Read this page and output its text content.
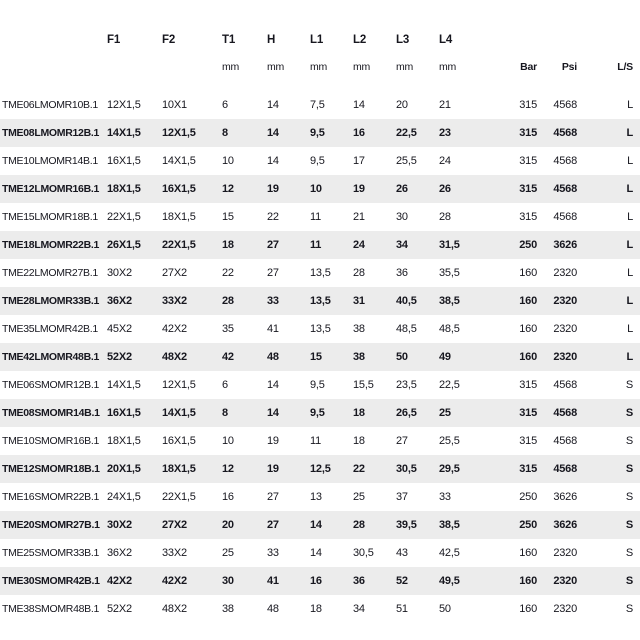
	F1	F2	T1	H	L1	L2	L3	L4			
			mm	mm	mm	mm	mm	mm	Bar	Psi	L/S
TME06LMOMR10B.1	12X1,5	10X1	6	14	7,5	14	20	21	315	4568	L
TME08LMOMR12B.1	14X1,5	12X1,5	8	14	9,5	16	22,5	23	315	4568	L
TME10LMOMR14B.1	16X1,5	14X1,5	10	14	9,5	17	25,5	24	315	4568	L
TME12LMOMR16B.1	18X1,5	16X1,5	12	19	10	19	26	26	315	4568	L
TME15LMOMR18B.1	22X1,5	18X1,5	15	22	11	21	30	28	315	4568	L
TME18LMOMR22B.1	26X1,5	22X1,5	18	27	11	24	34	31,5	250	3626	L
TME22LMOMR27B.1	30X2	27X2	22	27	13,5	28	36	35,5	160	2320	L
TME28LMOMR33B.1	36X2	33X2	28	33	13,5	31	40,5	38,5	160	2320	L
TME35LMOMR42B.1	45X2	42X2	35	41	13,5	38	48,5	48,5	160	2320	L
TME42LMOMR48B.1	52X2	48X2	42	48	15	38	50	49	160	2320	L
TME06SMOMR12B.1	14X1,5	12X1,5	6	14	9,5	15,5	23,5	22,5	315	4568	S
TME08SMOMR14B.1	16X1,5	14X1,5	8	14	9,5	18	26,5	25	315	4568	S
TME10SMOMR16B.1	18X1,5	16X1,5	10	19	11	18	27	25,5	315	4568	S
TME12SMOMR18B.1	20X1,5	18X1,5	12	19	12,5	22	30,5	29,5	315	4568	S
TME16SMOMR22B.1	24X1,5	22X1,5	16	27	13	25	37	33	250	3626	S
TME20SMOMR27B.1	30X2	27X2	20	27	14	28	39,5	38,5	250	3626	S
TME25SMOMR33B.1	36X2	33X2	25	33	14	30,5	43	42,5	160	2320	S
TME30SMOMR42B.1	42X2	42X2	30	41	16	36	52	49,5	160	2320	S
TME38SMOMR48B.1	52X2	48X2	38	48	18	34	51	50	160	2320	S
